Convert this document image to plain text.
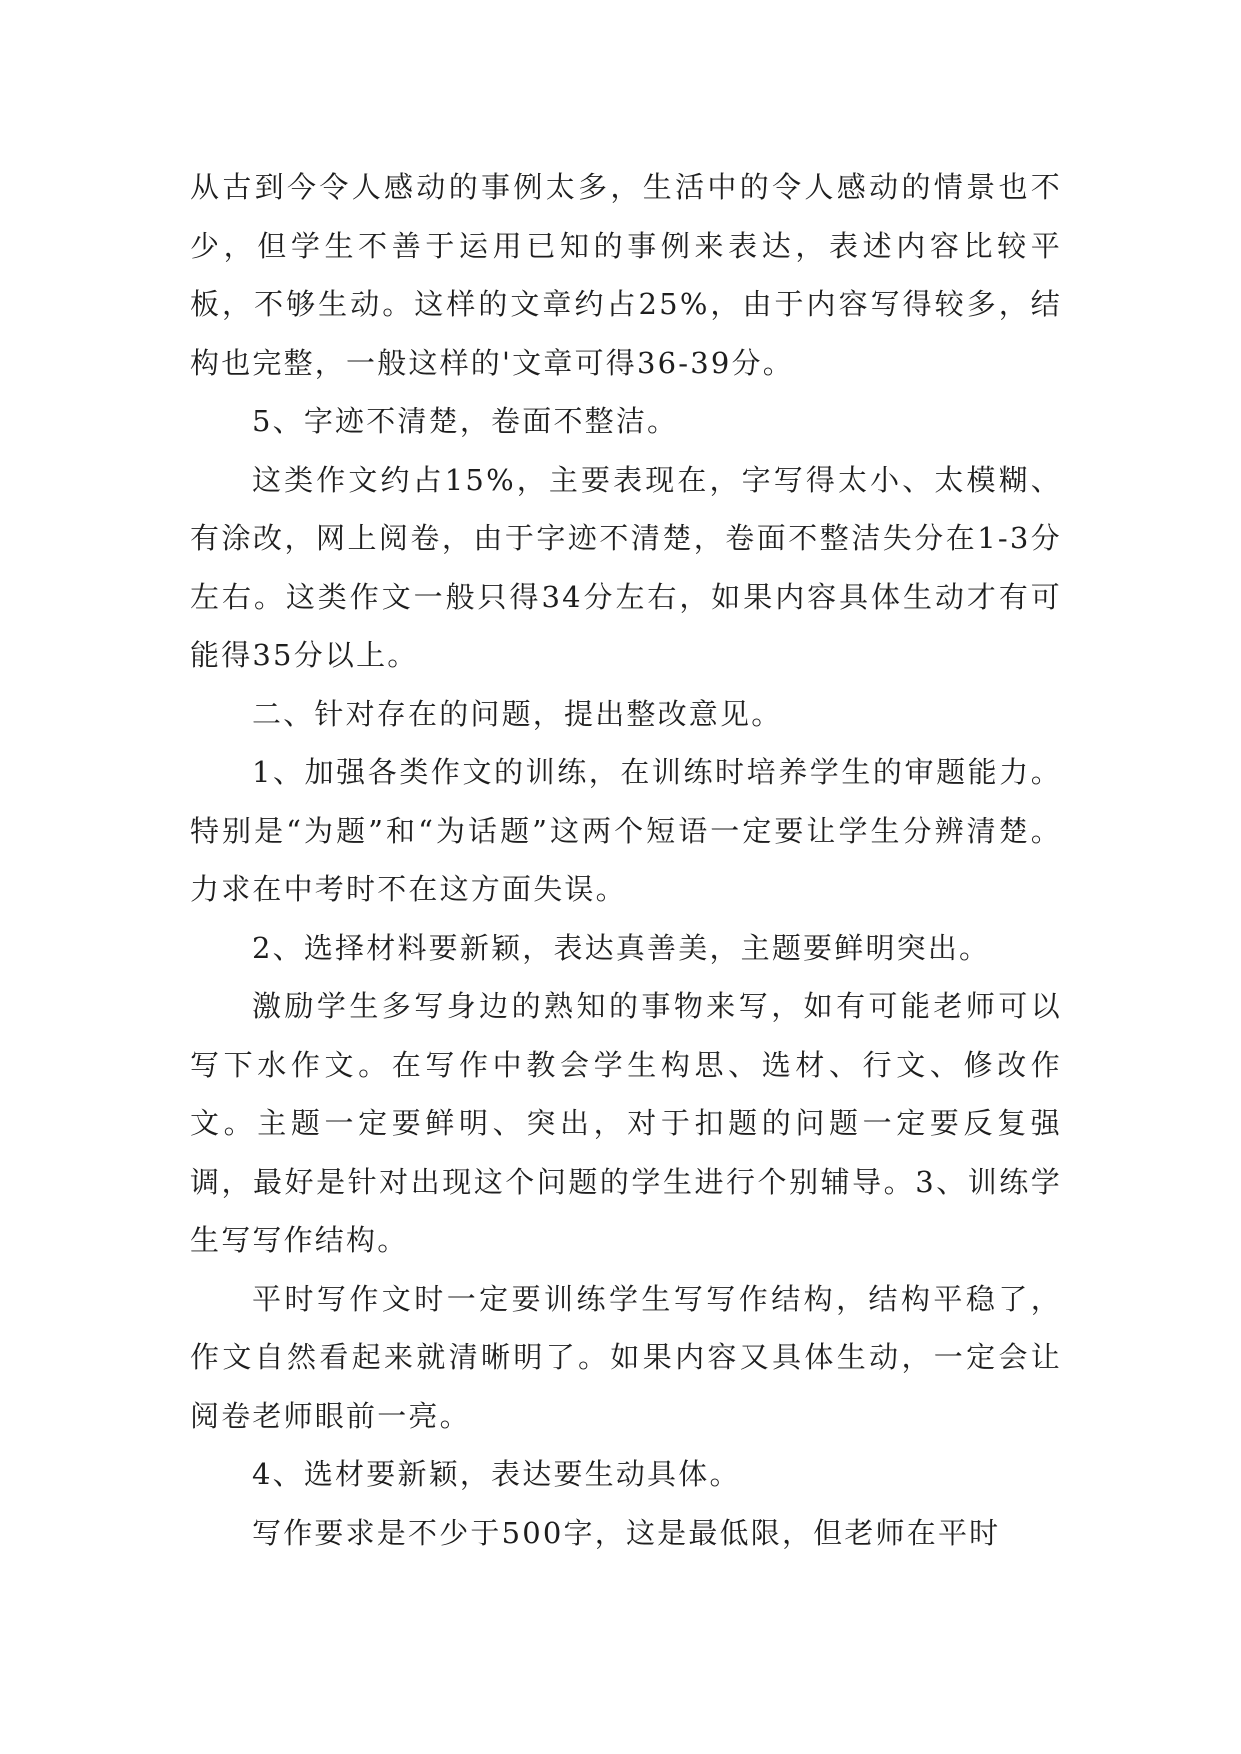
从古到今令人感动的事例太多，生活中的令人感动的情景也不少，但学生不善于运用已知的事例来表达，表述内容比较平板，不够生动。这样的文章约占25%，由于内容写得较多，结构也完整，一般这样的'文章可得36-39分。

5、字迹不清楚，卷面不整洁。

这类作文约占15%，主要表现在，字写得太小、太模糊、有涂改，网上阅卷，由于字迹不清楚，卷面不整洁失分在1-3分左右。这类作文一般只得34分左右，如果内容具体生动才有可能得35分以上。

二、针对存在的问题，提出整改意见。

1、加强各类作文的训练，在训练时培养学生的审题能力。特别是“为题”和“为话题”这两个短语一定要让学生分辨清楚。力求在中考时不在这方面失误。

2、选择材料要新颖，表达真善美，主题要鲜明突出。

激励学生多写身边的熟知的事物来写，如有可能老师可以写下水作文。在写作中教会学生构思、选材、行文、修改作文。主题一定要鲜明、突出，对于扣题的问题一定要反复强调，最好是针对出现这个问题的学生进行个别辅导。3、训练学生写写作结构。

平时写作文时一定要训练学生写写作结构，结构平稳了，作文自然看起来就清晰明了。如果内容又具体生动，一定会让阅卷老师眼前一亮。

4、选材要新颖，表达要生动具体。

写作要求是不少于500字，这是最低限，但老师在平时
